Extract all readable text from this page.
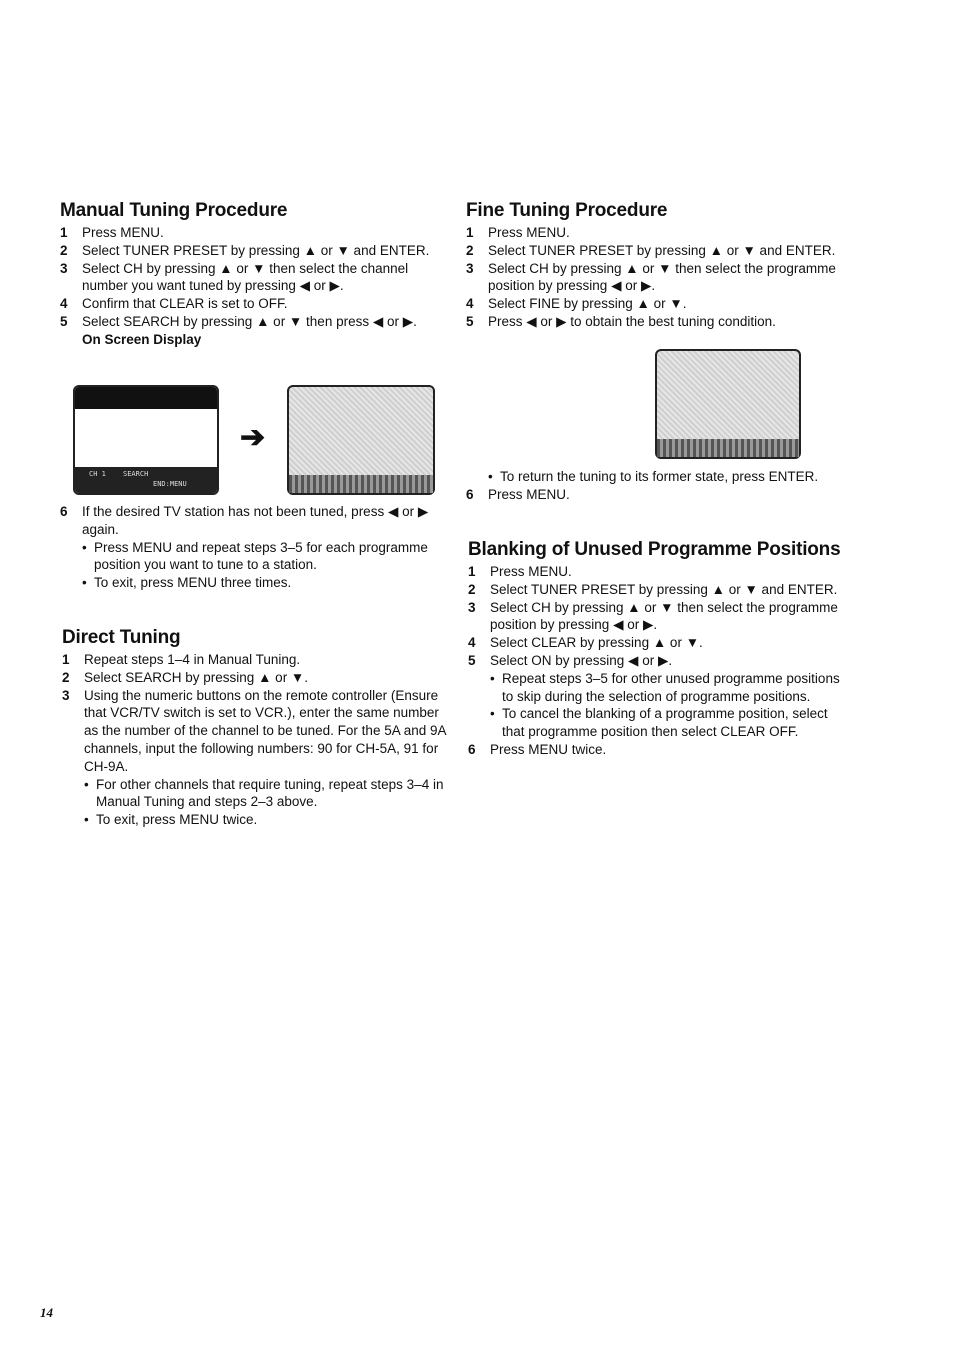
Manual Tuning Procedure
1	Press MENU.
2	Select TUNER PRESET by pressing ▲ or ▼ and ENTER.
3	Select CH by pressing ▲ or ▼ then select the channel number you want tuned by pressing ◀ or ▶.
4	Confirm that CLEAR is set to OFF.
5	Select SEARCH by pressing ▲ or ▼ then press ◀ or ▶.
On Screen Display
CH 1 SEARCH
END:MENU
➔
6	If the desired TV station has not been tuned, press ◀ or ▶ again.
• Press MENU and repeat steps 3–5 for each programme position you want to tune to a station.
• To exit, press MENU three times.
Direct Tuning
1	Repeat steps 1–4 in Manual Tuning.
2	Select SEARCH by pressing ▲ or ▼.
3	Using the numeric buttons on the remote controller (Ensure that VCR/TV switch is set to VCR.), enter the same number as the number of the channel to be tuned. For the 5A and 9A channels, input the following numbers: 90 for CH-5A, 91 for CH-9A.
• For other channels that require tuning, repeat steps 3–4 in Manual Tuning and steps 2–3 above.
• To exit, press MENU twice.
Fine Tuning Procedure
1	Press MENU.
2	Select TUNER PRESET by pressing ▲ or ▼ and ENTER.
3	Select CH by pressing ▲ or ▼ then select the programme position by pressing ◀ or ▶.
4	Select FINE by pressing ▲ or ▼.
5	Press ◀ or ▶ to obtain the best tuning condition.
• To return the tuning to its former state, press ENTER.
6	Press MENU.
Blanking of Unused Programme Positions
1	Press MENU.
2	Select TUNER PRESET by pressing ▲ or ▼ and ENTER.
3	Select CH by pressing ▲ or ▼ then select the programme position by pressing ◀ or ▶.
4	Select CLEAR by pressing ▲ or ▼.
5	Select ON by pressing ◀ or ▶.
• Repeat steps 3–5 for other unused programme positions to skip during the selection of programme positions.
• To cancel the blanking of a programme position, select that programme position then select CLEAR OFF.
6	Press MENU twice.
14
